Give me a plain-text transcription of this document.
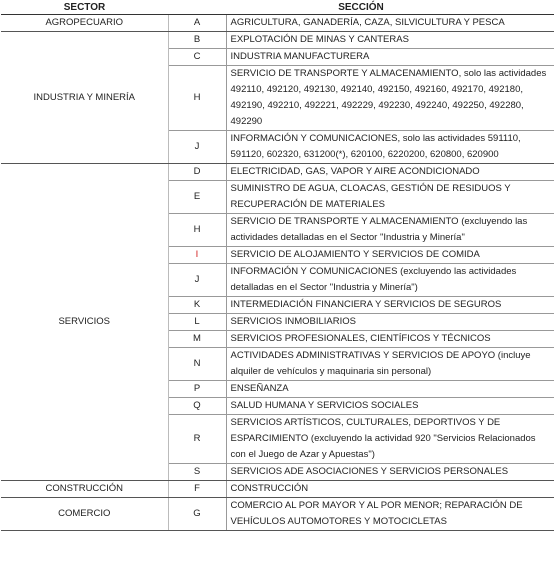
SECTOR	SECCIÓN	
AGROPECUARIO	A	AGRICULTURA, GANADERÍA, CAZA, SILVICULTURA Y PESCA
INDUSTRIA Y MINERÍA	B	EXPLOTACIÓN DE MINAS Y CANTERAS
	C	INDUSTRIA MANUFACTURERA
	H	SERVICIO DE TRANSPORTE Y ALMACENAMIENTO, solo las actividades 492110, 492120, 492130, 492140, 492150, 492160, 492170, 492180, 492190, 492210, 492221, 492229, 492230, 492240, 492250, 492280, 492290
	J	INFORMACIÓN Y COMUNICACIONES, solo las actividades 591110, 591120, 602320, 631200(*), 620100, 6220200, 620800, 620900
SERVICIOS	D	ELECTRICIDAD, GAS, VAPOR Y AIRE ACONDICIONADO
	E	SUMINISTRO DE AGUA, CLOACAS, GESTIÓN DE RESIDUOS Y RECUPERACIÓN DE MATERIALES
	H	SERVICIO DE TRANSPORTE Y ALMACENAMIENTO (excluyendo las actividades detalladas en el Sector "Industria y Minería"
	I	SERVICIO DE ALOJAMIENTO Y SERVICIOS DE COMIDA
	J	INFORMACIÓN Y COMUNICACIONES (excluyendo las actividades detalladas en el Sector "Industria y Minería")
	K	INTERMEDIACIÓN FINANCIERA Y SERVICIOS DE SEGUROS
	L	SERVICIOS INMOBILIARIOS
	M	SERVICIOS PROFESIONALES, CIENTÍFICOS Y TÉCNICOS
	N	ACTIVIDADES ADMINISTRATIVAS Y SERVICIOS DE APOYO (incluye alquiler de vehículos y maquinaria sin personal)
	P	ENSEÑANZA
	Q	SALUD HUMANA Y SERVICIOS SOCIALES
	R	SERVICIOS ARTÍSTICOS, CULTURALES, DEPORTIVOS Y DE ESPARCIMIENTO (excluyendo la actividad 920 "Servicios Relacionados con el Juego de Azar y Apuestas")
	S	SERVICIOS ADE ASOCIACIONES Y SERVICIOS PERSONALES
CONSTRUCCIÓN	F	CONSTRUCCIÓN
COMERCIO	G	COMERCIO AL POR MAYOR Y AL POR MENOR; REPARACIÓN DE VEHÍCULOS AUTOMOTORES Y MOTOCICLETAS
